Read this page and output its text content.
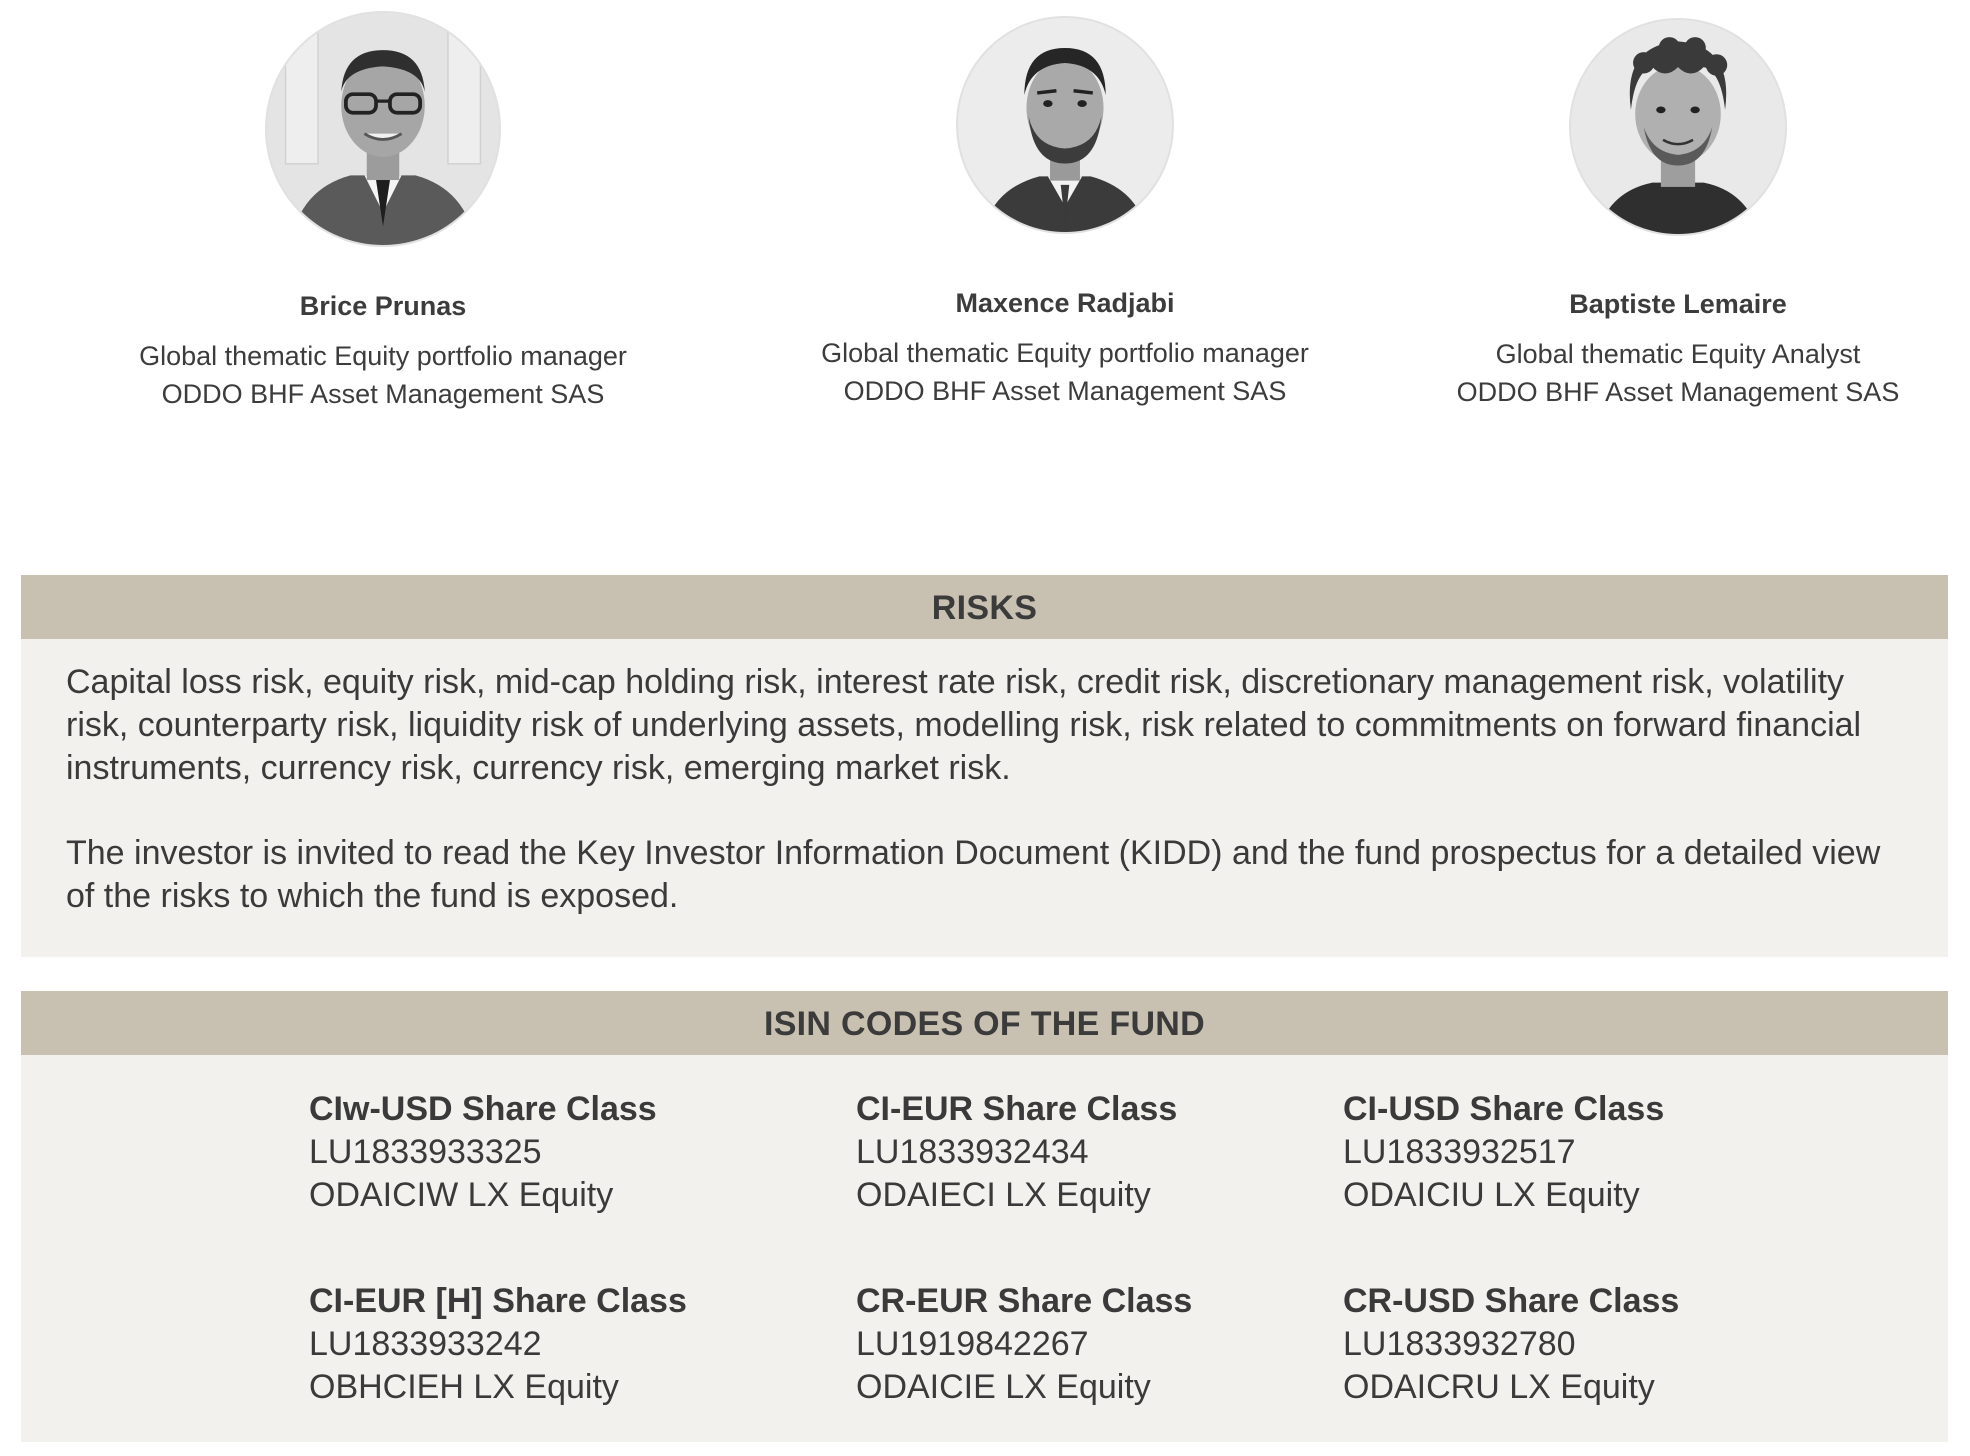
Brice Prunas
Global thematic Equity portfolio manager
ODDO BHF Asset Management SAS
Maxence Radjabi
Global thematic Equity portfolio manager
ODDO BHF Asset Management SAS
Baptiste Lemaire
Global thematic Equity Analyst
ODDO BHF Asset Management SAS
RISKS

Capital loss risk, equity risk, mid-cap holding risk, interest rate risk, credit risk, discretionary management risk, volatility risk, counterparty risk, liquidity risk of underlying assets, modelling risk, risk related to commitments on forward financial instruments, currency risk, currency risk, emerging market risk.

The investor is invited to read the Key Investor Information Document (KIDD) and the fund prospectus for a detailed view of the risks to which the fund is exposed.

ISIN CODES OF THE FUND
CIw-USD Share Class
LU1833933325
ODAICIW LX Equity
CI-EUR Share Class
LU1833932434
ODAIECI LX Equity
CI-USD Share Class
LU1833932517
ODAICIU LX Equity
CI-EUR [H] Share Class
LU1833933242
OBHCIEH LX Equity
CR-EUR Share Class
LU1919842267
ODAICIE LX Equity
CR-USD Share Class
LU1833932780
ODAICRU LX Equity
